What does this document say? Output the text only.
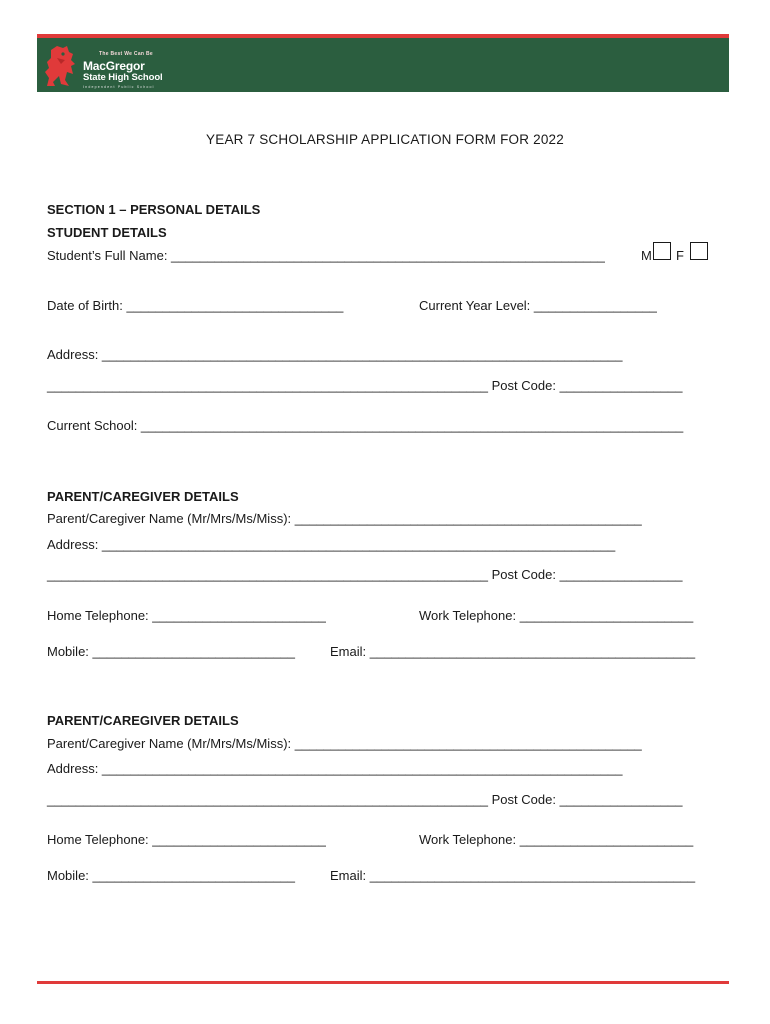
The Best We Can Be
MacGregor
State High School
Independent Public School
YEAR 7 SCHOLARSHIP APPLICATION FORM FOR 2022
SECTION 1 – PERSONAL DETAILS
STUDENT DETAILS
Student’s Full Name: ____________________________________________________________	M F
Date of Birth: ______________________________	Current Year Level: _________________
Address: ________________________________________________________________________
_____________________________________________________________ Post Code: _________________
Current School: ___________________________________________________________________________
PARENT/CAREGIVER DETAILS
Parent/Caregiver Name (Mr/Mrs/Ms/Miss): ________________________________________________
Address: _______________________________________________________________________
_____________________________________________________________ Post Code: _________________
Home Telephone: ________________________	Work Telephone: ________________________
Mobile: ____________________________	Email: _____________________________________________
PARENT/CAREGIVER DETAILS
Parent/Caregiver Name (Mr/Mrs/Ms/Miss): ________________________________________________
Address: ________________________________________________________________________
_____________________________________________________________ Post Code: _________________
Home Telephone: ________________________	Work Telephone: ________________________
Mobile: ____________________________	Email: _____________________________________________
